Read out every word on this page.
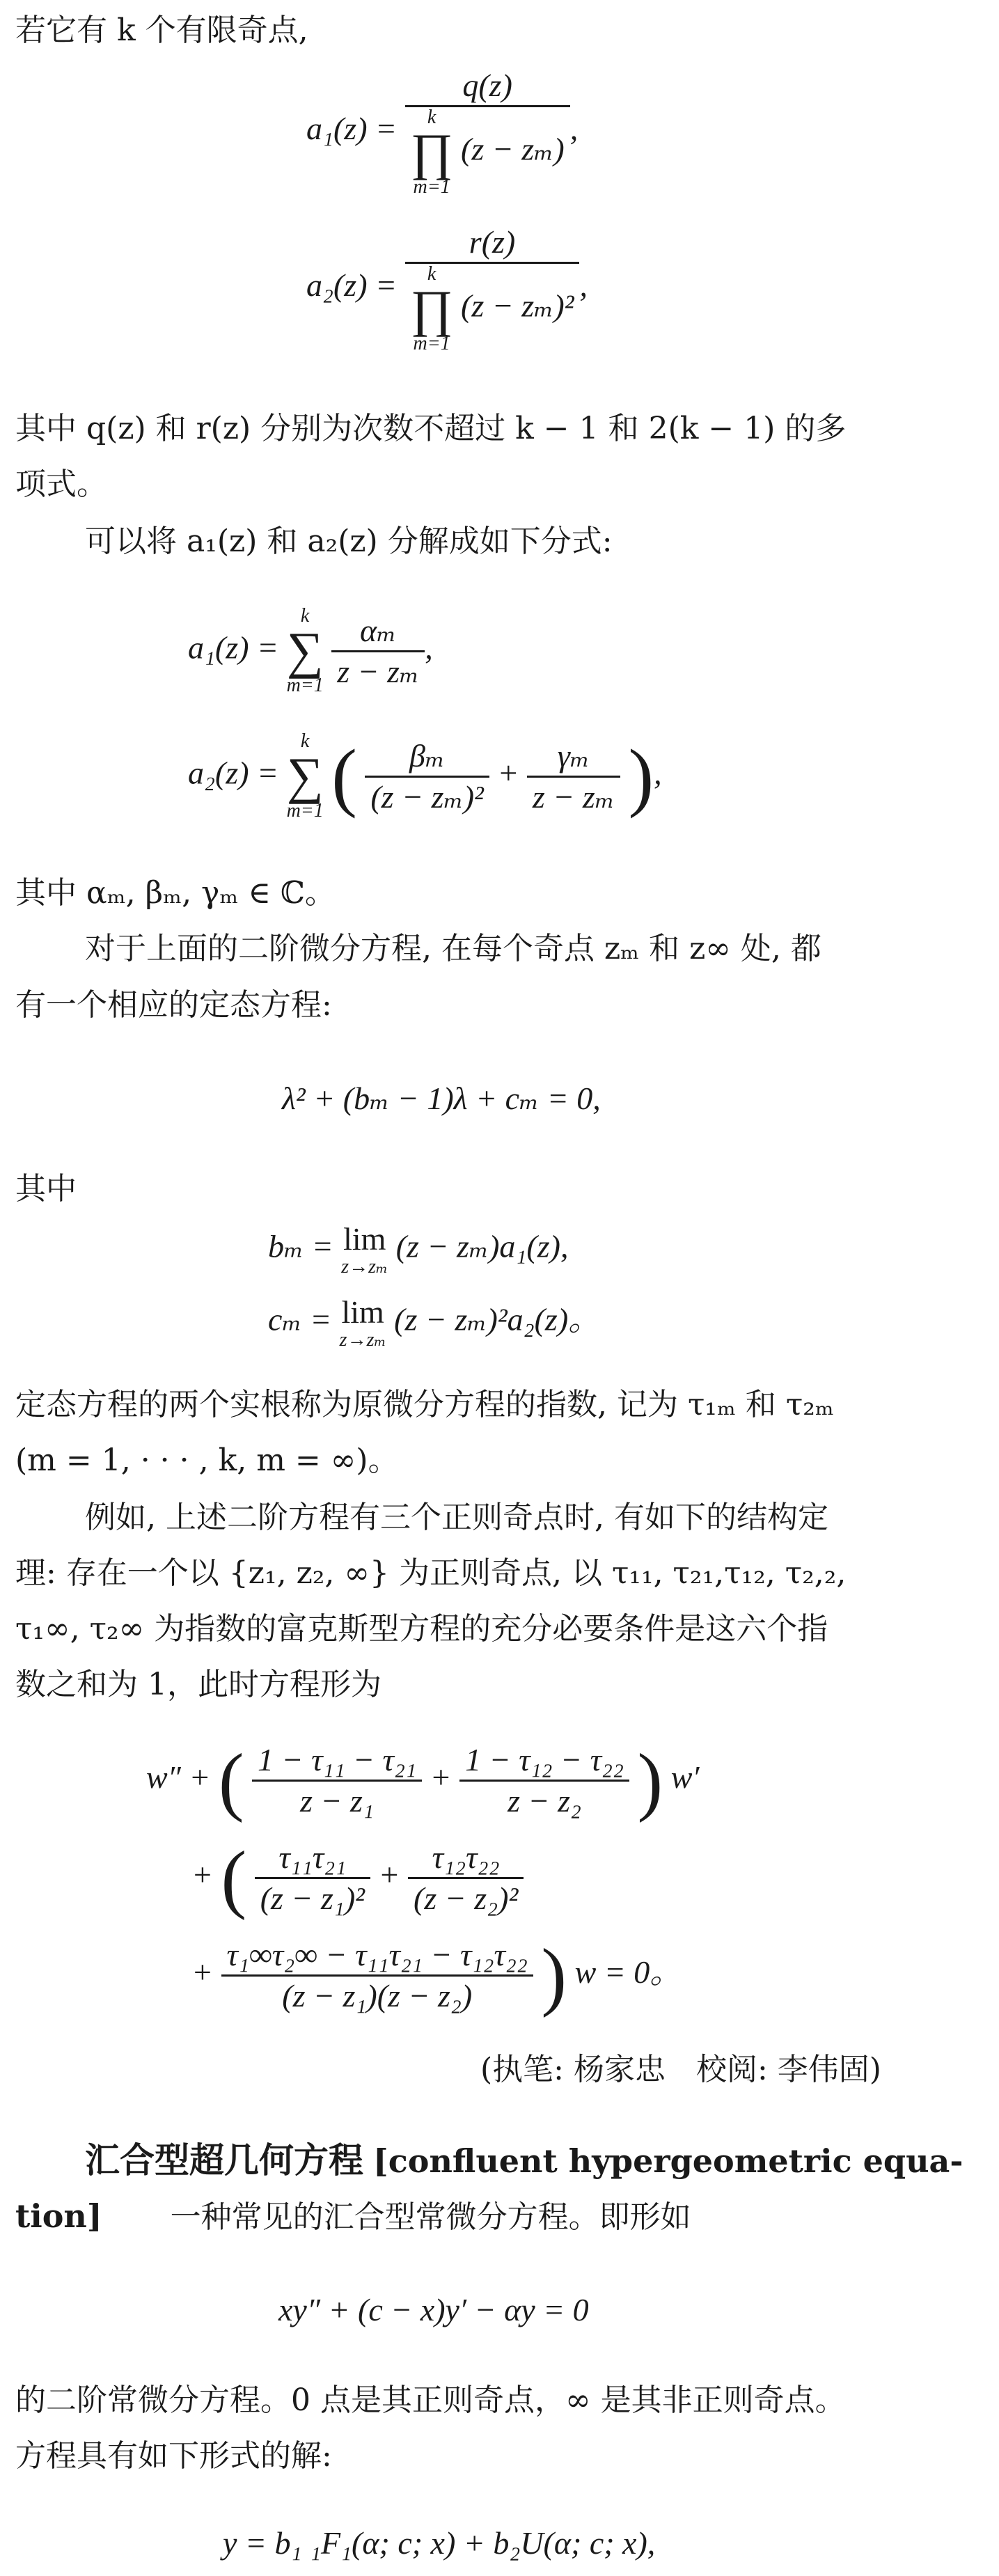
若它有 k 个有限奇点,
a₁(z) = q(z)
k
∏
m=1
(z − zₘ) ,
a₂(z) = r(z)
k
∏
m=1
(z − zₘ)² ,
其中 q(z) 和 r(z) 分别为次数不超过 k − 1 和 2(k − 1) 的多
项式。
可以将 a₁(z) 和 a₂(z) 分解成如下分式:
a₁(z) =
k
∑
m=1
$\frac{\text{αₘ}}{\text{z − zₘ}}$ ,
a₂(z) =
k
∑
m=1 ( $\frac{\text{βₘ}}{\text{(z − zₘ)²}} + \frac{\text{γₘ}}{\text{z − zₘ}}$ ),
其中 αₘ, βₘ, γₘ ∈ ℂ。
对于上面的二阶微分方程, 在每个奇点 zₘ 和 z∞ 处, 都
有一个相应的定态方程:
λ² + (bₘ − 1)λ + cₘ = 0,
其中
bₘ = lim
z→zₘ
(z − zₘ)a₁(z),
cₘ = lim
z→zₘ
(z − zₘ)²a₂(z)。
定态方程的两个实根称为原微分方程的指数, 记为 τ₁ₘ 和 τ₂ₘ
(m = 1, · · · , k, m = ∞)。
例如, 上述二阶方程有三个正则奇点时, 有如下的结构定
理: 存在一个以 {z₁, z₂, ∞} 为正则奇点, 以 τ₁₁, τ₂₁,τ₁₂, τ₂,₂,
τ₁∞, τ₂∞ 为指数的富克斯型方程的充分必要条件是这六个指
数之和为 1，此时方程形为
w″ + ( $\frac{\text{1 − τ₁₁ − τ₂₁}}{\text{z − z₁}} + \frac{\text{1 − τ₁₂ − τ₂₂}}{\text{z − z₂}}$ ) w′
+ ( $\frac{\text{τ₁₁τ₂₁}}{\text{(z − z₁)²}} + \frac{\text{τ₁₂τ₂₂}}{\text{(z − z₂)²}}$
+ $\frac{\text{τ₁∞τ₂∞ − τ₁₁τ₂₁ − τ₁₂τ₂₂}}{\text{(z − z₁)(z − z₂)}}$ ) w = 0。
(执笔: 杨家忠　校阅: 李伟固)
汇合型超几何方程 [confluent hypergeometric equa-
tion] 一种常见的汇合型常微分方程。即形如
xy″ + (c − x)y′ − αy = 0
的二阶常微分方程。0 点是其正则奇点，∞ 是其非正则奇点。
方程具有如下形式的解:
y = b₁ ₁F₁(α; c; x) + b₂U(α; c; x),
